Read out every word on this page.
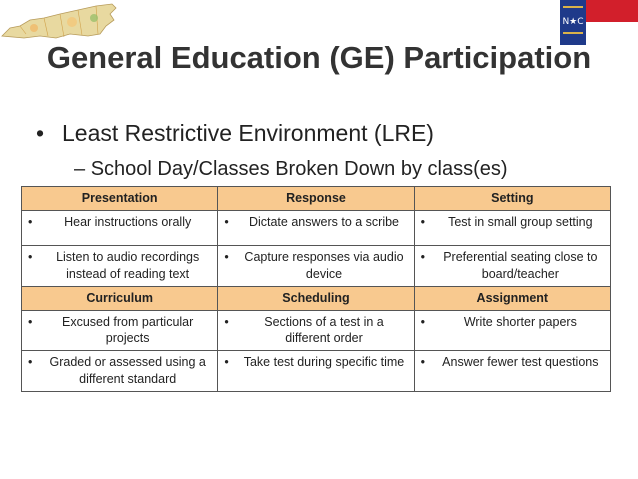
N★C
General Education (GE) Participation
• Least Restrictive Environment (LRE)
– School Day/Classes Broken Down by class(es)
Presentation	Response	Setting

• Hear instructions orally	• Dictate answers to a scribe	• Test in small group setting

• Listen to audio recordings instead of reading text	• Capture responses via audio device	• Preferential seating close to board/teacher

Curriculum	Scheduling	Assignment

• Excused from particular projects	• Sections of a test in a different order	• Write shorter papers

• Graded or assessed using a different standard	• Take test during specific time	• Answer fewer test questions
